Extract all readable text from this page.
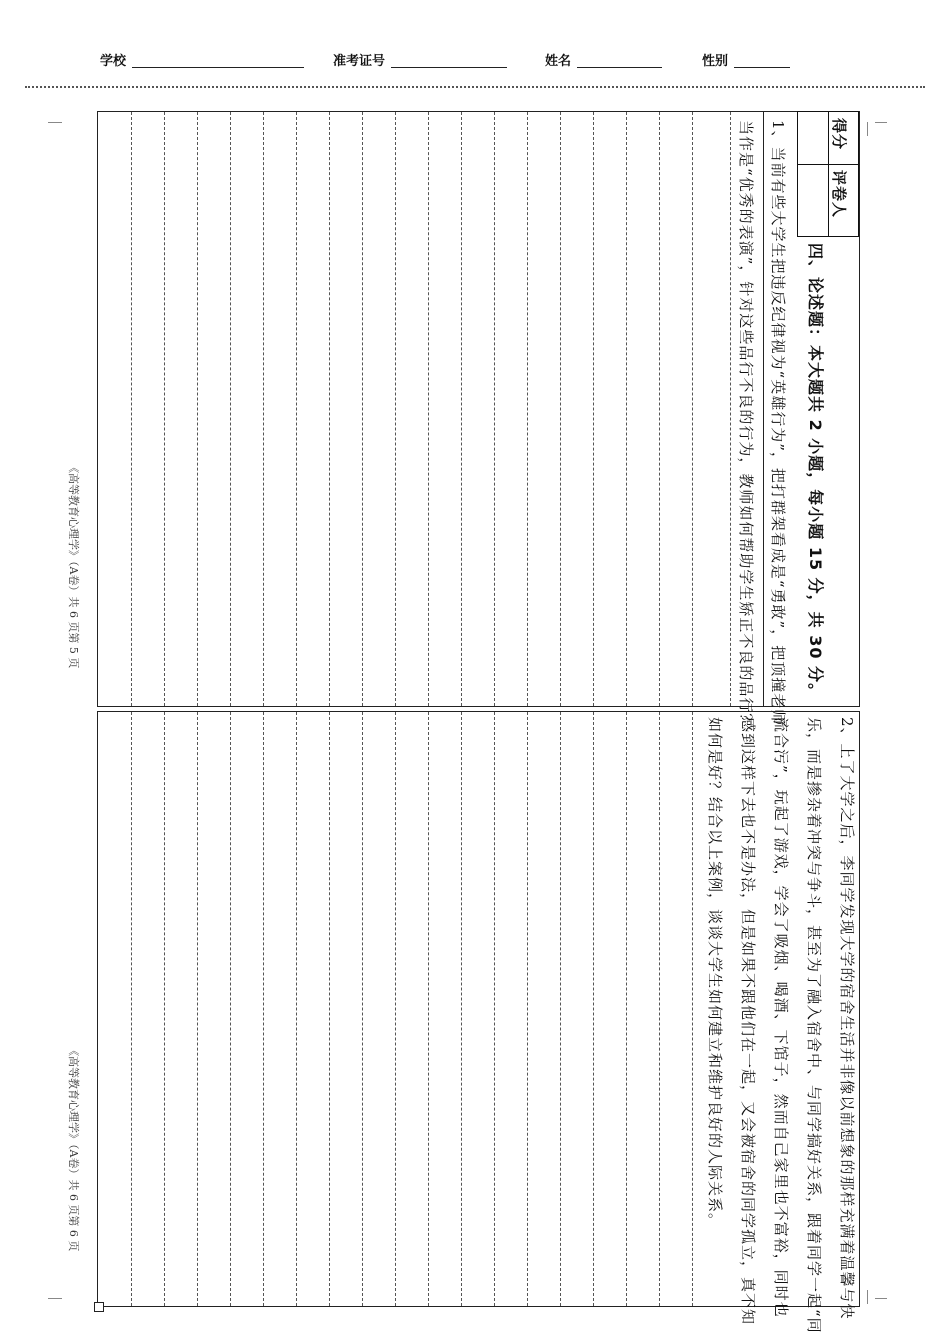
学校	准考证号	姓名	性别
《高等教育心理学》（A卷）共 6 页第 5 页
《高等教育心理学》（A卷）共 6 页第 6 页
得分
评卷人
四、论述题：本大题共 2 小题，每小题 15 分，共 30 分。
1、当前有些大学生把违反纪律视为“英雄行为”，把打群架看成是“勇敢”，把顶撞老师
当作是“优秀的表演”，针对这些品行不良的行为，教师如何帮助学生矫正不良的品行？
2、上了大学之后，李同学发现大学的宿舍生活并非像以前想象的那样充满着温馨与快
乐，而是掺杂着冲突与争斗，甚至为了融入宿舍中、与同学搞好关系，跟着同学一起“同
流合污”，玩起了游戏，学会了吸烟、喝酒、下馆子，然而自己家里也不富裕，同时也
感到这样下去也不是办法，但是如果不跟他们在一起，又会被宿舍的同学孤立，真不知
如何是好？结合以上案例，谈谈大学生如何建立和维护良好的人际关系。
